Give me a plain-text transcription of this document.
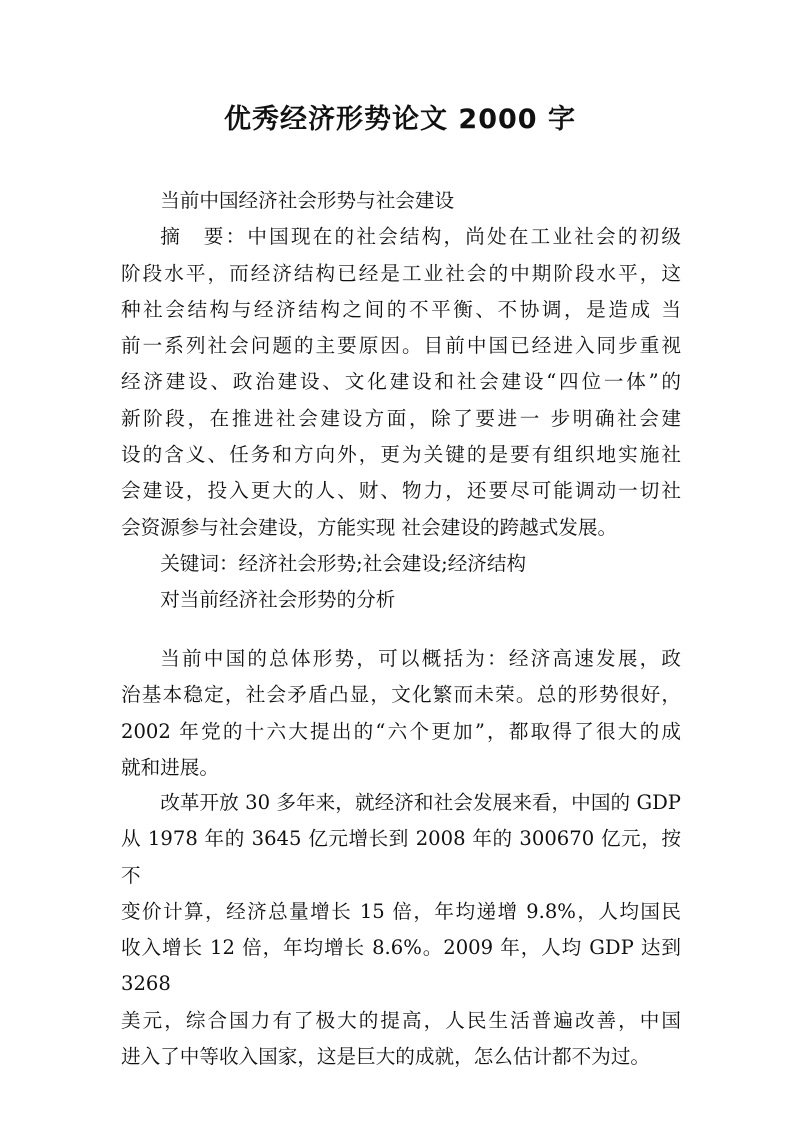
优秀经济形势论文 2000 字

当前中国经济社会形势与社会建设

摘　要：中国现在的社会结构，尚处在工业社会的初级

阶段水平，而经济结构已经是工业社会的中期阶段水平，这

种社会结构与经济结构之间的不平衡、不协调，是造成 当

前一系列社会问题的主要原因。目前中国已经进入同步重视

经济建设、政治建设、文化建设和社会建设“四位一体”的

新阶段，在推进社会建设方面，除了要进一 步明确社会建

设的含义、任务和方向外，更为关键的是要有组织地实施社

会建设，投入更大的人、财、物力，还要尽可能调动一切社

会资源参与社会建设，方能实现 社会建设的跨越式发展。

关键词：经济社会形势;社会建设;经济结构

对当前经济社会形势的分析

当前中国的总体形势，可以概括为：经济高速发展，政

治基本稳定，社会矛盾凸显，文化繁而未荣。总的形势很好，

2002 年党的十六大提出的“六个更加”，都取得了很大的成

就和进展。

改革开放 30 多年来，就经济和社会发展来看，中国的 GDP

从 1978 年的 3645 亿元增长到 2008 年的 300670 亿元，按不

变价计算，经济总量增长 15 倍，年均递增 9.8%，人均国民

收入增长 12 倍，年均增长 8.6%。2009 年，人均 GDP 达到 3268

美元，综合国力有了极大的提高，人民生活普遍改善，中国

进入了中等收入国家，这是巨大的成就，怎么估计都不为过。
